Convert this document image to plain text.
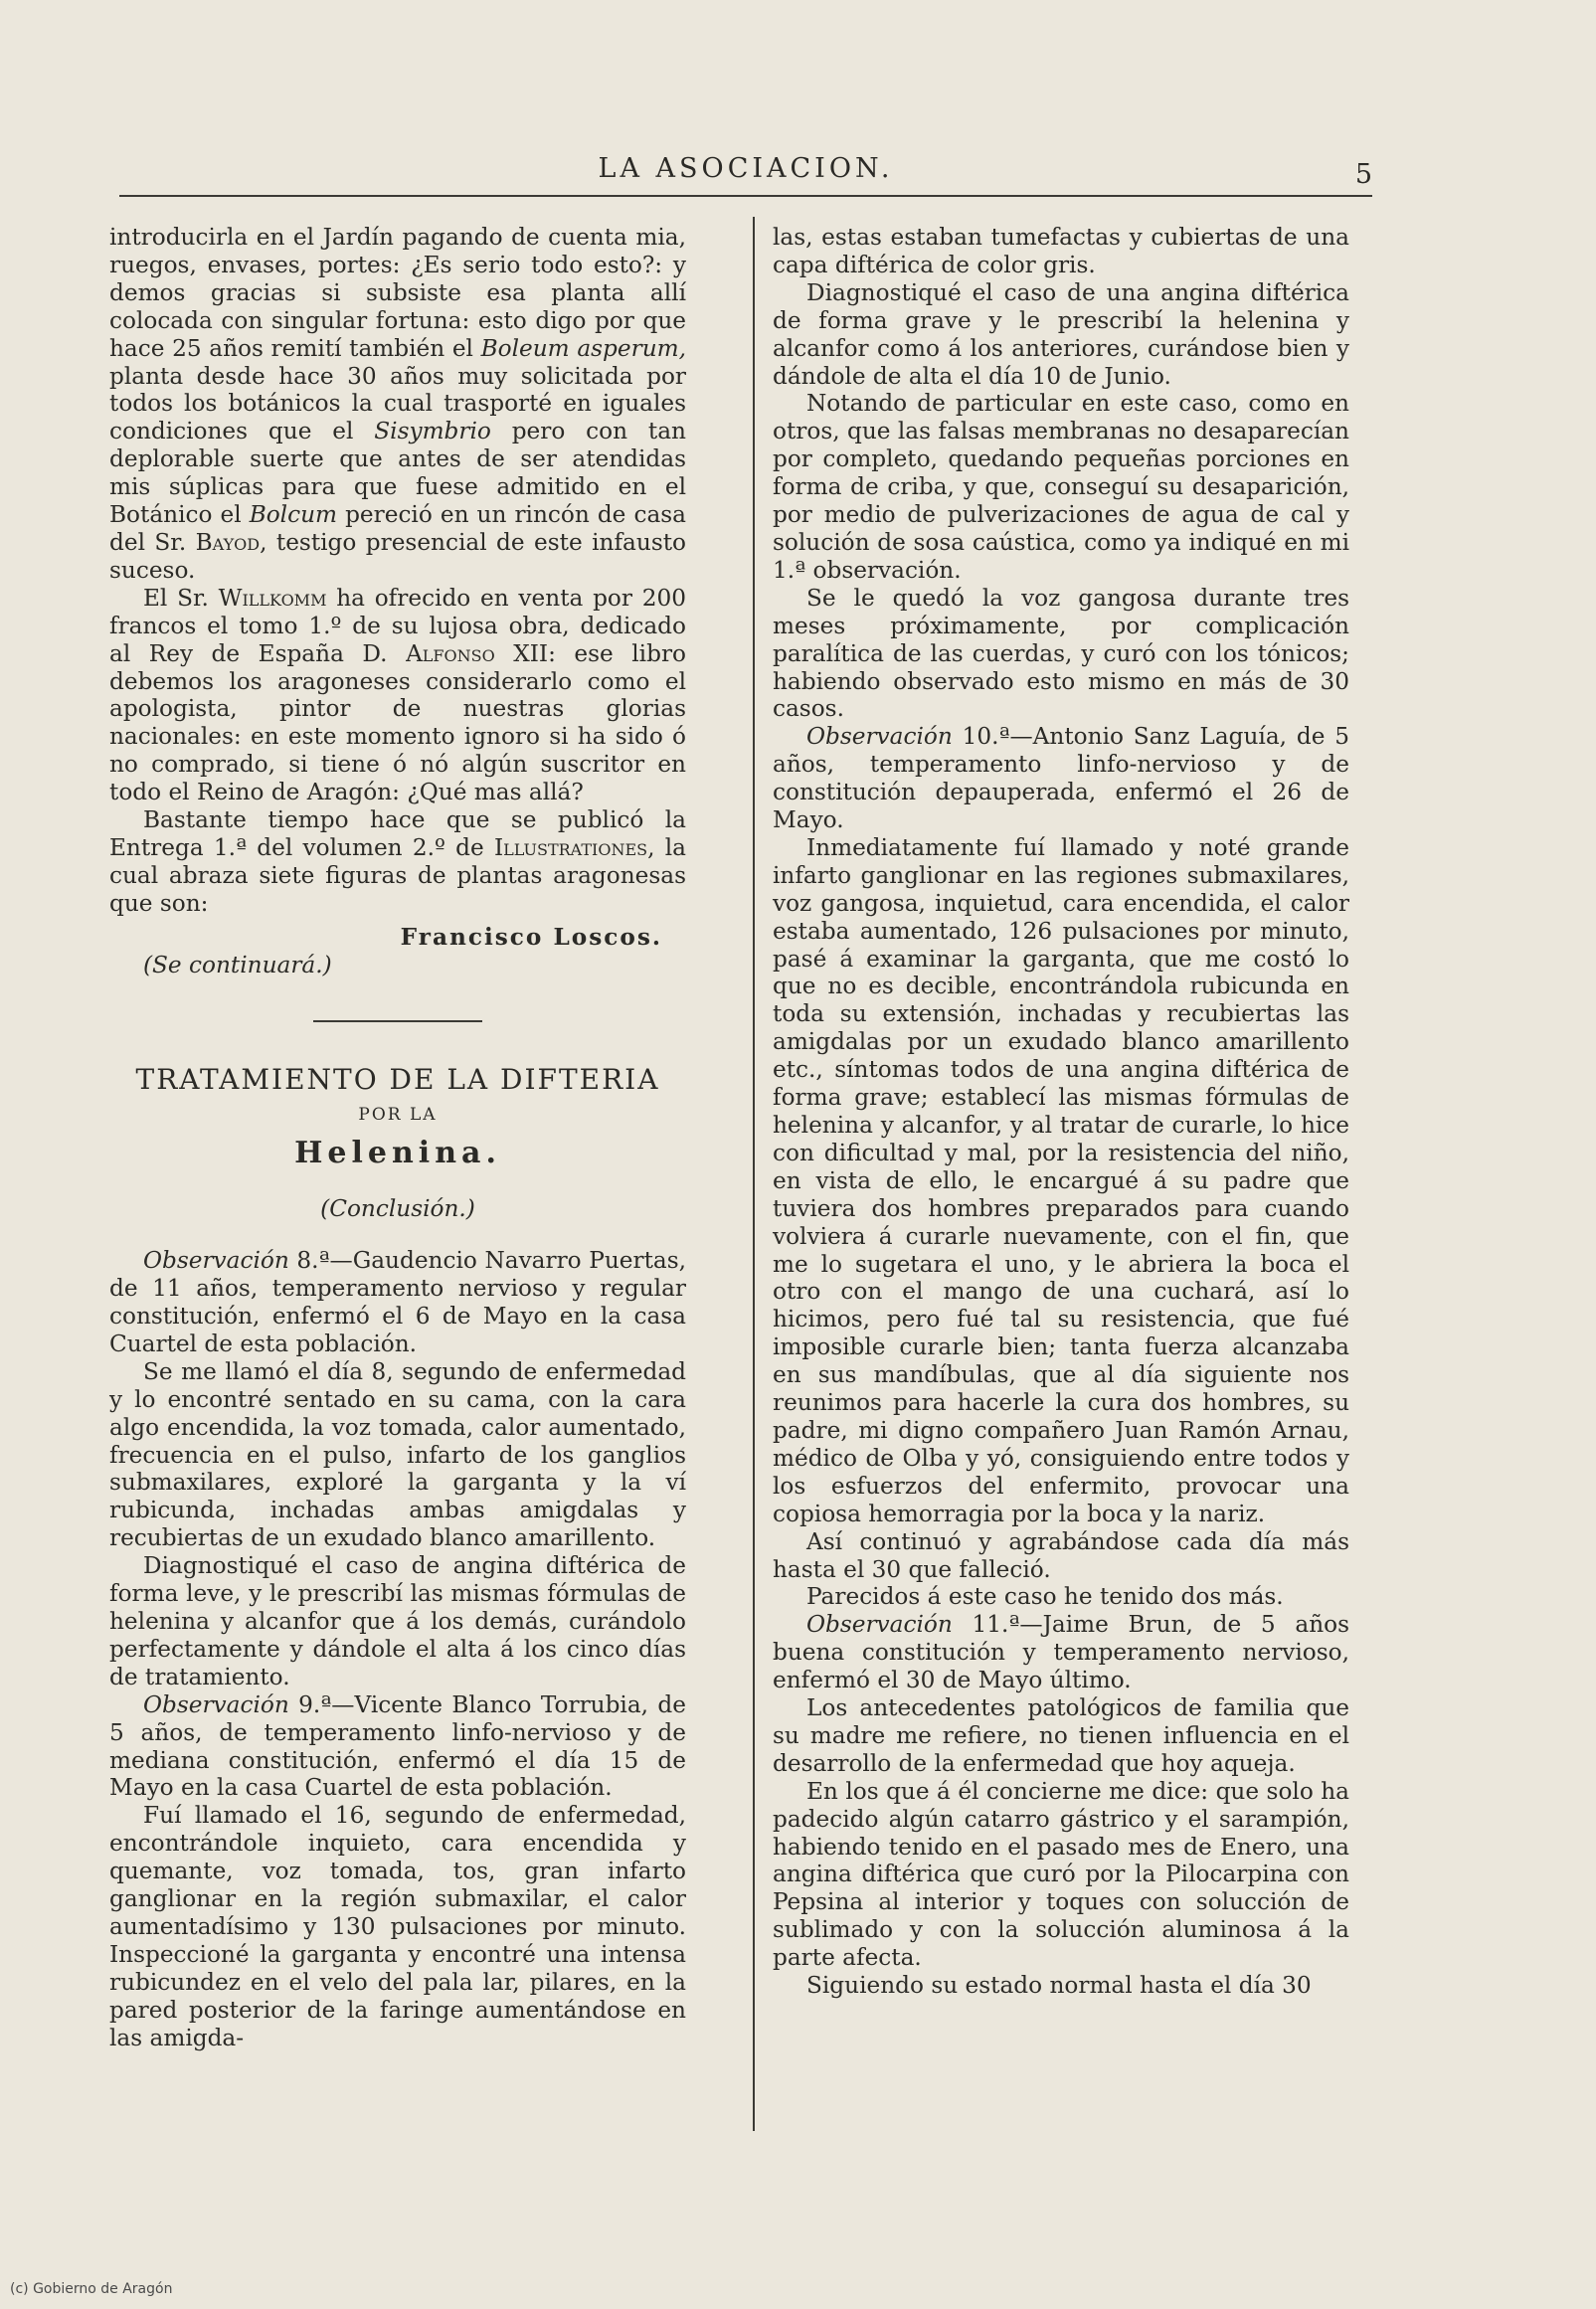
LA ASOCIACION.	5

introducirla en el Jardín pagando de cuenta mia, ruegos, envases, portes: ¿Es serio todo esto?: y demos gracias si subsiste esa planta allí colocada con singular fortuna: esto digo por que hace 25 años remití también el Boleum asperum, planta desde hace 30 años muy solicitada por todos los botánicos la cual trasporté en iguales condiciones que el Sisymbrio pero con tan deplorable suerte que antes de ser atendidas mis súplicas para que fuese admitido en el Botánico el Bolcum pereció en un rincón de casa del Sr. Bayod, testigo presencial de este infausto suceso.

El Sr. Willkomm ha ofrecido en venta por 200 francos el tomo 1.º de su lujosa obra, dedicado al Rey de España D. Alfonso XII: ese libro debemos los aragoneses considerarlo como el apologista, pintor de nuestras glorias nacionales: en este momento ignoro si ha sido ó no comprado, si tiene ó nó algún suscritor en todo el Reino de Aragón: ¿Qué mas allá?

Bastante tiempo hace que se publicó la Entrega 1.ª del volumen 2.º de Illustrationes, la cual abraza siete figuras de plantas aragonesas que son:

Francisco Loscos.
(Se continuará.)
TRATAMIENTO DE LA DIFTERIA
POR LA
Helenina.
(Conclusión.)

Observación 8.ª—Gaudencio Navarro Puertas, de 11 años, temperamento nervioso y regular constitución, enfermó el 6 de Mayo en la casa Cuartel de esta población.

Se me llamó el día 8, segundo de enfermedad y lo encontré sentado en su cama, con la cara algo encendida, la voz tomada, calor aumentado, frecuencia en el pulso, infarto de los ganglios submaxilares, exploré la garganta y la ví rubicunda, inchadas ambas amigdalas y recubiertas de un exudado blanco amarillento.

Diagnostiqué el caso de angina diftérica de forma leve, y le prescribí las mismas fórmulas de helenina y alcanfor que á los demás, curándolo perfectamente y dándole el alta á los cinco días de tratamiento.

Observación 9.ª—Vicente Blanco Torrubia, de 5 años, de temperamento linfo-nervioso y de mediana constitución, enfermó el día 15 de Mayo en la casa Cuartel de esta población.

Fuí llamado el 16, segundo de enfermedad, encontrándole inquieto, cara encendida y quemante, voz tomada, tos, gran infarto ganglionar en la región submaxilar, el calor aumentadísimo y 130 pulsaciones por minuto. Inspeccioné la garganta y encontré una intensa rubicundez en el velo del pala lar, pilares, en la pared posterior de la faringe aumentándose en las amigda-

las, estas estaban tumefactas y cubiertas de una capa diftérica de color gris.

Diagnostiqué el caso de una angina diftérica de forma grave y le prescribí la helenina y alcanfor como á los anteriores, curándose bien y dándole de alta el día 10 de Junio.

Notando de particular en este caso, como en otros, que las falsas membranas no desaparecían por completo, quedando pequeñas porciones en forma de criba, y que, conseguí su desaparición, por medio de pulverizaciones de agua de cal y solución de sosa caústica, como ya indiqué en mi 1.ª observación.

Se le quedó la voz gangosa durante tres meses próximamente, por complicación paralítica de las cuerdas, y curó con los tónicos; habiendo observado esto mismo en más de 30 casos.

Observación 10.ª—Antonio Sanz Laguía, de 5 años, temperamento linfo-nervioso y de constitución depauperada, enfermó el 26 de Mayo.

Inmediatamente fuí llamado y noté grande infarto ganglionar en las regiones submaxilares, voz gangosa, inquietud, cara encendida, el calor estaba aumentado, 126 pulsaciones por minuto, pasé á examinar la garganta, que me costó lo que no es decible, encontrándola rubicunda en toda su extensión, inchadas y recubiertas las amigdalas por un exudado blanco amarillento etc., síntomas todos de una angina diftérica de forma grave; establecí las mismas fórmulas de helenina y alcanfor, y al tratar de curarle, lo hice con dificultad y mal, por la resistencia del niño, en vista de ello, le encargué á su padre que tuviera dos hombres preparados para cuando volviera á curarle nuevamente, con el fin, que me lo sugetara el uno, y le abriera la boca el otro con el mango de una cuchará, así lo hicimos, pero fué tal su resistencia, que fué imposible curarle bien; tanta fuerza alcanzaba en sus mandíbulas, que al día siguiente nos reunimos para hacerle la cura dos hombres, su padre, mi digno compañero Juan Ramón Arnau, médico de Olba y yó, consiguiendo entre todos y los esfuerzos del enfermito, provocar una copiosa hemorragia por la boca y la nariz.

Así continuó y agrabándose cada día más hasta el 30 que falleció.

Parecidos á este caso he tenido dos más.

Observación 11.ª—Jaime Brun, de 5 años buena constitución y temperamento nervioso, enfermó el 30 de Mayo último.

Los antecedentes patológicos de familia que su madre me refiere, no tienen influencia en el desarrollo de la enfermedad que hoy aqueja.

En los que á él concierne me dice: que solo ha padecido algún catarro gástrico y el sarampión, habiendo tenido en el pasado mes de Enero, una angina diftérica que curó por la Pilocarpina con Pepsina al interior y toques con solucción de sublimado y con la solucción aluminosa á la parte afecta.

Siguiendo su estado normal hasta el día 30

(c) Gobierno de Aragón
